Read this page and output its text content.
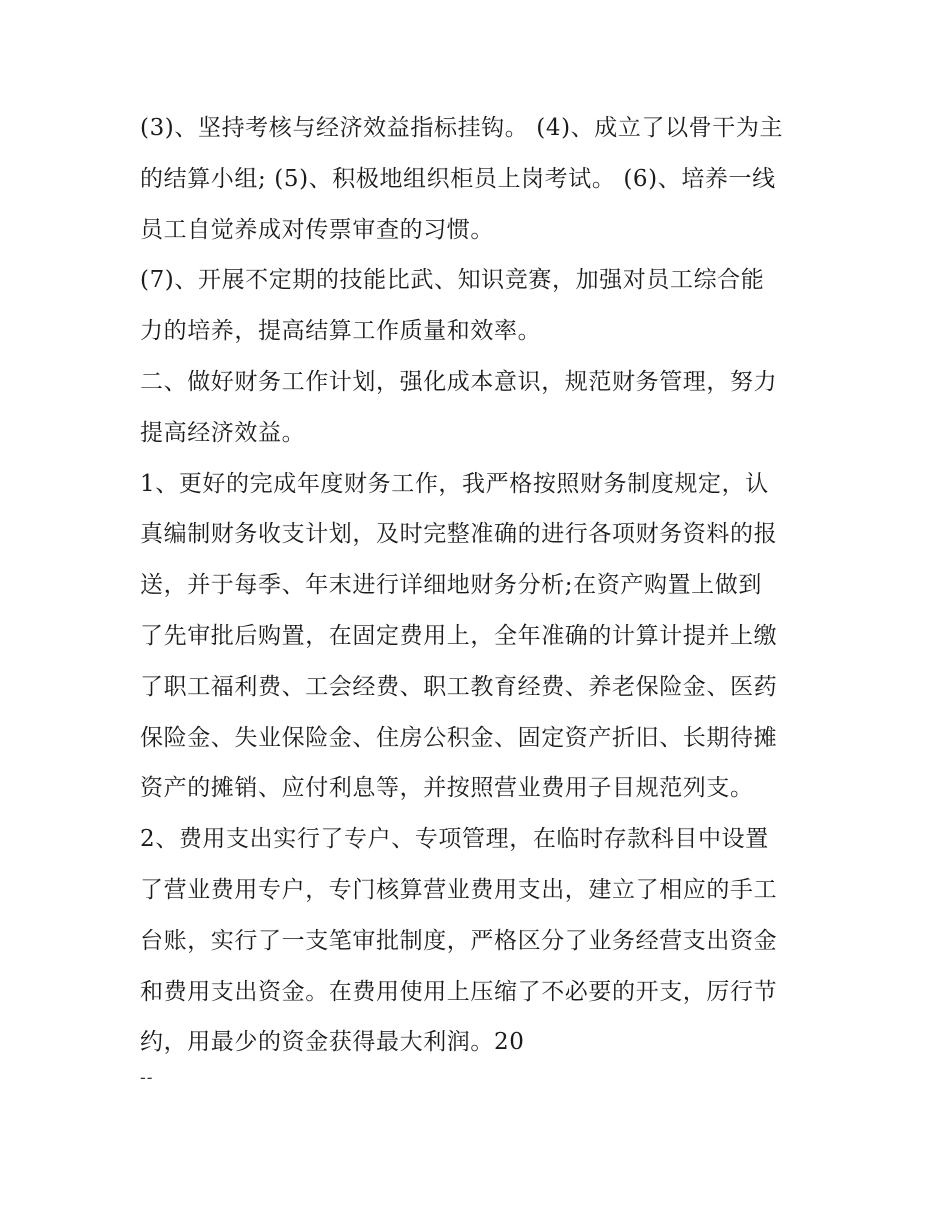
(3)、坚持考核与经济效益指标挂钩。 (4)、成立了以骨干为主
的结算小组; (5)、积极地组织柜员上岗考试。 (6)、培养一线
员工自觉养成对传票审查的习惯。
(7)、开展不定期的技能比武、知识竞赛，加强对员工综合能
力的培养，提高结算工作质量和效率。
二、做好财务工作计划，强化成本意识，规范财务管理，努力
提高经济效益。
1、更好的完成年度财务工作，我严格按照财务制度规定，认
真编制财务收支计划，及时完整准确的进行各项财务资料的报
送，并于每季、年末进行详细地财务分析;在资产购置上做到
了先审批后购置，在固定费用上，全年准确的计算计提并上缴
了职工福利费、工会经费、职工教育经费、养老保险金、医药
保险金、失业保险金、住房公积金、固定资产折旧、长期待摊
资产的摊销、应付利息等，并按照营业费用子目规范列支。
2、费用支出实行了专户、专项管理，在临时存款科目中设置
了营业费用专户，专门核算营业费用支出，建立了相应的手工
台账，实行了一支笔审批制度，严格区分了业务经营支出资金
和费用支出资金。在费用使用上压缩了不必要的开支，厉行节
约，用最少的资金获得最大利润。20
--
